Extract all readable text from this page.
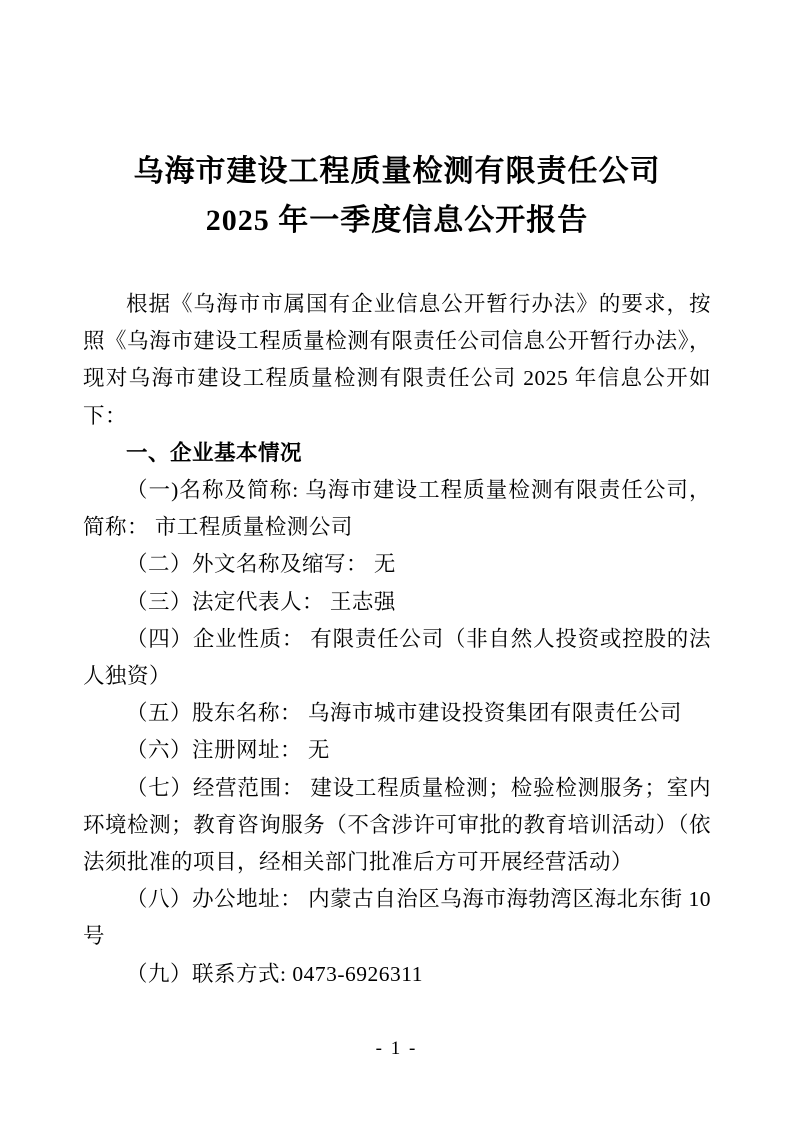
乌海市建设工程质量检测有限责任公司
2025 年一季度信息公开报告

根据《乌海市市属国有企业信息公开暂行办法》的要求，按照《乌海市建设工程质量检测有限责任公司信息公开暂行办法》，现对乌海市建设工程质量检测有限责任公司 2025 年信息公开如下：

一、企业基本情况

（一)名称及简称: 乌海市建设工程质量检测有限责任公司，简称： 市工程质量检测公司

（二）外文名称及缩写： 无

（三）法定代表人： 王志强

（四）企业性质： 有限责任公司（非自然人投资或控股的法人独资）

（五）股东名称： 乌海市城市建设投资集团有限责任公司

（六）注册网址： 无

（七）经营范围： 建设工程质量检测；检验检测服务；室内环境检测；教育咨询服务（不含涉许可审批的教育培训活动）（依法须批准的项目，经相关部门批准后方可开展经营活动）

（八）办公地址： 内蒙古自治区乌海市海勃湾区海北东街 10 号

（九）联系方式: 0473-6926311

- 1 -
